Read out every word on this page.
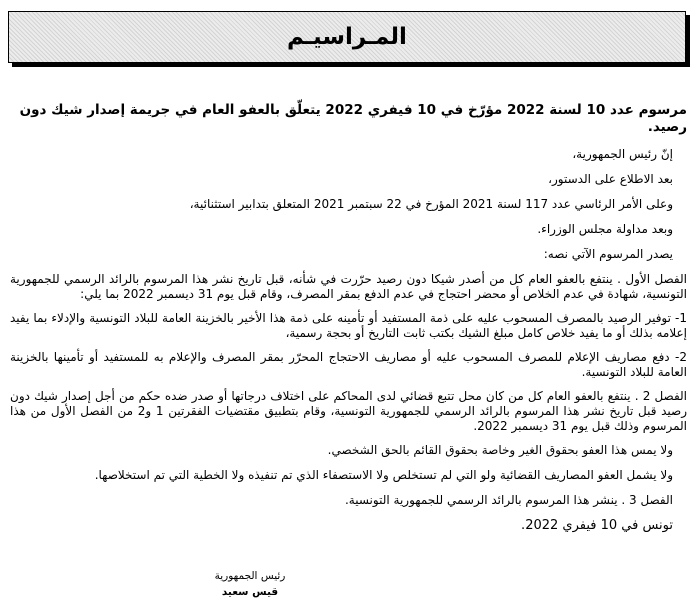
المـراسيـم

مرسوم عدد 10 لسنة 2022 مؤرّخ في 10 فيفري 2022 يتعلّق بالعفو العام في جريمة إصدار شيك دون رصيد.

إنّ رئيس الجمهورية،

بعد الاطلاع على الدستور،

وعلى الأمر الرئاسي عدد 117 لسنة 2021 المؤرخ في 22 سبتمبر 2021 المتعلق بتدابير استثنائية،

وبعد مداولة مجلس الوزراء.

يصدر المرسوم الآتي نصه:

الفصل الأول . ينتفع بالعفو العام كل من أصدر شيكا دون رصيد حرّرت في شأنه، قبل تاريخ نشر هذا المرسوم بالرائد الرسمي للجمهورية التونسية، شهادة في عدم الخلاص أو محضر احتجاج في عدم الدفع بمقر المصرف، وقام قبل يوم 31 ديسمبر 2022 بما يلي:

1- توفير الرصيد بالمصرف المسحوب عليه على ذمة المستفيد أو تأمينه على ذمة هذا الأخير بالخزينة العامة للبلاد التونسية والإدلاء بما يفيد إعلامه بذلك أو ما يفيد خلاص كامل مبلغ الشيك بكتب ثابت التاريخ أو بحجة رسمية،

2- دفع مصاريف الإعلام للمصرف المسحوب عليه أو مصاريف الاحتجاج المحرّر بمقر المصرف والإعلام به للمستفيد أو تأمينها بالخزينة العامة للبلاد التونسية.

الفصل 2 . ينتفع بالعفو العام كل من كان محل تتبع قضائي لدى المحاكم على اختلاف درجاتها أو صدر ضده حكم من أجل إصدار شيك دون رصيد قبل تاريخ نشر هذا المرسوم بالرائد الرسمي للجمهورية التونسية، وقام بتطبيق مقتضيات الفقرتين 1 و2 من الفصل الأول من هذا المرسوم وذلك قبل يوم 31 ديسمبر 2022.

ولا يمس هذا العفو بحقوق الغير وخاصة بحقوق القائم بالحق الشخصي.

ولا يشمل العفو المصاريف القضائية ولو التي لم تستخلص ولا الاستصفاء الذي تم تنفيذه ولا الخطية التي تم استخلاصها.

الفصل 3 . ينشر هذا المرسوم بالرائد الرسمي للجمهورية التونسية.

تونس في 10 فيفري 2022.

رئيس الجمهورية
قيس سعيد
